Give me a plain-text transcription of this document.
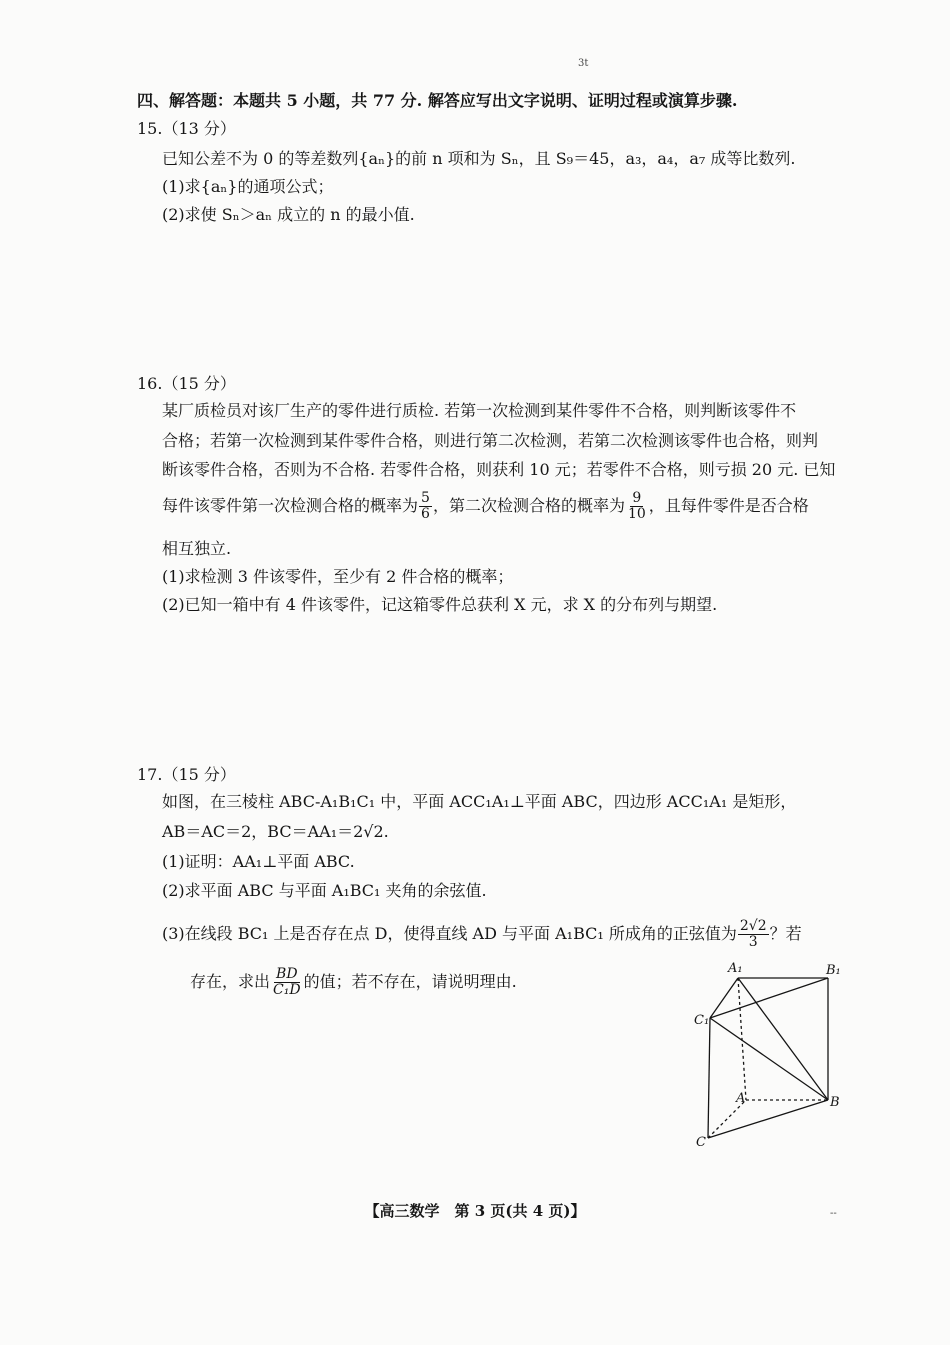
3t
四、解答题：本题共 5 小题，共 77 分. 解答应写出文字说明、证明过程或演算步骤.
15.（13 分）
已知公差不为 0 的等差数列{aₙ}的前 n 项和为 Sₙ，且 S₉＝45，a₃，a₄，a₇ 成等比数列.
(1)求{aₙ}的通项公式；
(2)求使 Sₙ＞aₙ 成立的 n 的最小值.
16.（15 分）
某厂质检员对该厂生产的零件进行质检. 若第一次检测到某件零件不合格，则判断该零件不
合格；若第一次检测到某件零件合格，则进行第二次检测，若第二次检测该零件也合格，则判
断该零件合格，否则为不合格. 若零件合格，则获利 10 元；若零件不合格，则亏损 20 元. 已知
每件该零件第一次检测合格的概率为 $\frac{5}{6}$ ，第二次检测合格的概率为 $\frac{9}{10}$ ，且每件零件是否合格
相互独立.
(1)求检测 3 件该零件，至少有 2 件合格的概率；
(2)已知一箱中有 4 件该零件，记这箱零件总获利 X 元，求 X 的分布列与期望.
17.（15 分）
如图，在三棱柱 ABC-A₁B₁C₁ 中，平面 ACC₁A₁⊥平面 ABC，四边形 ACC₁A₁ 是矩形，
AB＝AC＝2，BC＝AA₁＝2√2.
(1)证明：AA₁⊥平面 ABC.
(2)求平面 ABC 与平面 A₁BC₁ 夹角的余弦值.
(3)在线段 BC₁ 上是否存在点 D，使得直线 AD 与平面 A₁BC₁ 所成角的正弦值为 $\frac{2√2}{3}$ ？若
存在，求出 $\frac{BD}{\text{C₁D}}$ 的值；若不存在，请说明理由.
A₁	B₁
C₁
A	B
C
【高三数学　第 3 页(共 4 页)】	--
